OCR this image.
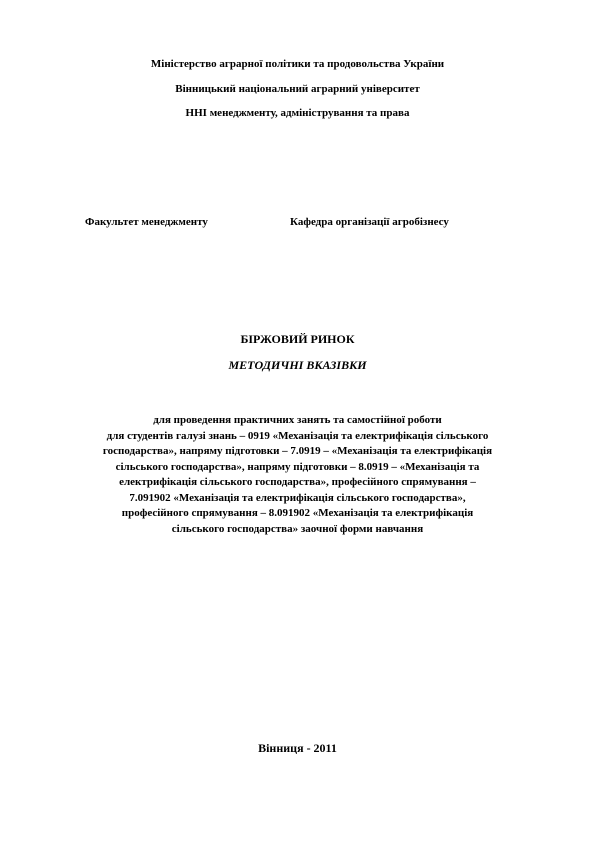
Міністерство аграрної політики та продовольства України
Вінницький національний аграрний університет
ННІ менеджменту, адміністрування та права
Факультет менеджменту	Кафедра організації агробізнесу
БІРЖОВИЙ РИНОК
МЕТОДИЧНІ ВКАЗІВКИ
для проведення практичних занять та самостійної роботи
для студентів галузі знань – 0919 «Механізація та електрифікація сільського
господарства», напряму підготовки – 7.0919 – «Механізація та електрифікація
сільського господарства», напряму підготовки – 8.0919 – «Механізація та
електрифікація сільського господарства», професійного спрямування –
7.091902 «Механізація та електрифікація сільського господарства»,
професійного спрямування – 8.091902 «Механізація та електрифікація
сільського господарства» заочної форми навчання
Вінниця - 2011
